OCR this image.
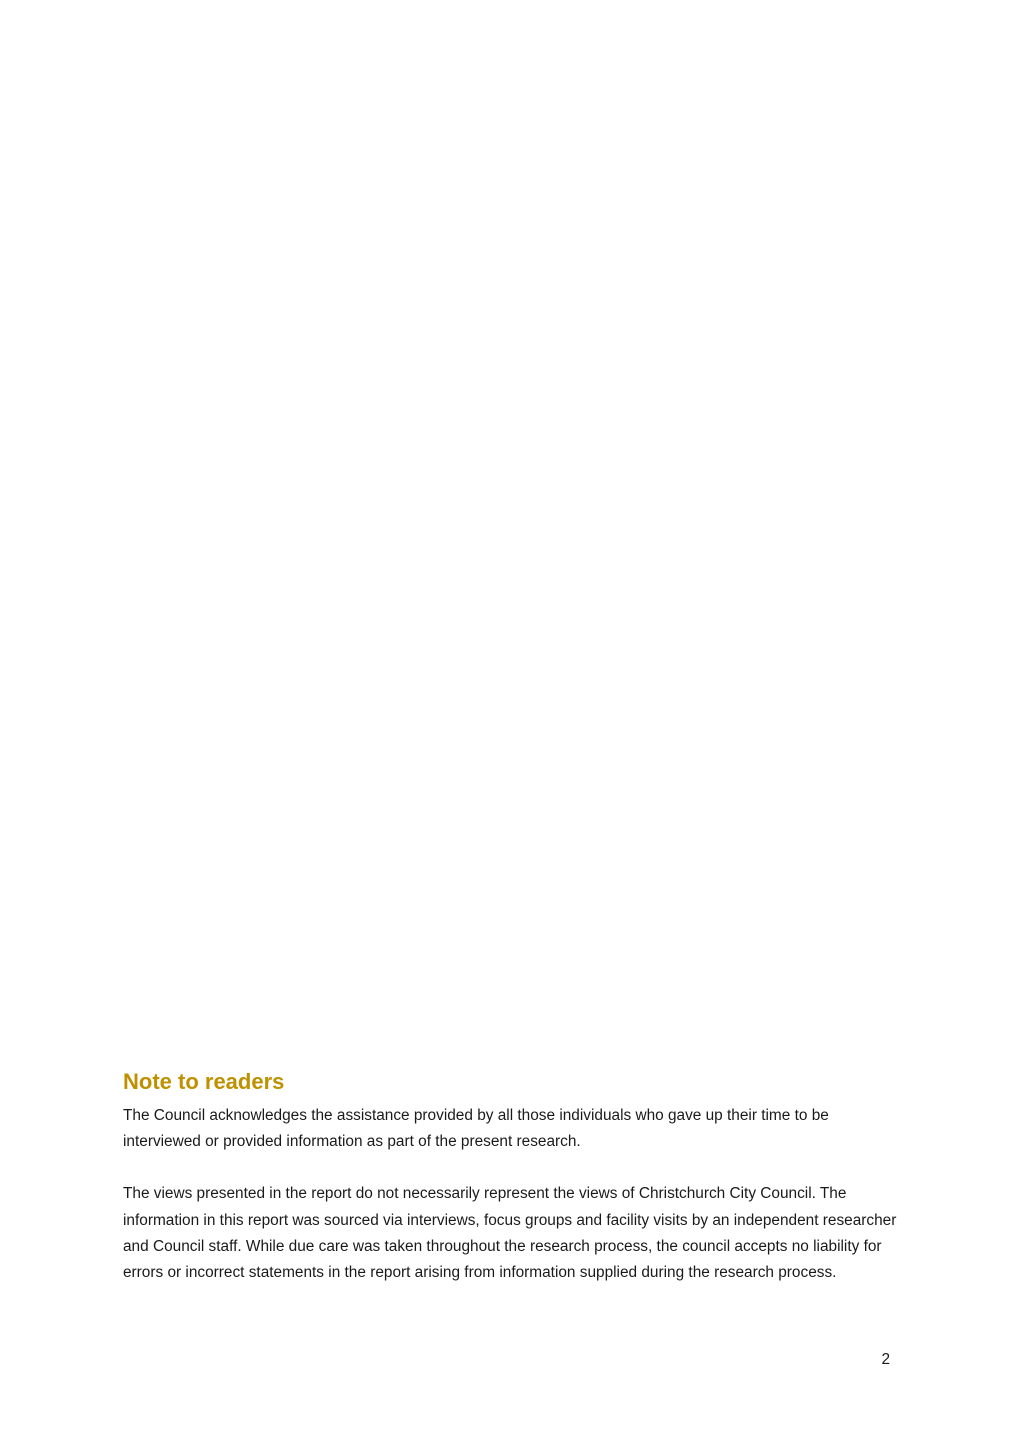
Note to readers

The Council acknowledges the assistance provided by all those individuals who gave up their time to be interviewed or provided information as part of the present research.

The views presented in the report do not necessarily represent the views of Christchurch City Council. The information in this report was sourced via interviews, focus groups and facility visits by an independent researcher and Council staff. While due care was taken throughout the research process, the council accepts no liability for errors or incorrect statements in the report arising from information supplied during the research process.

2
